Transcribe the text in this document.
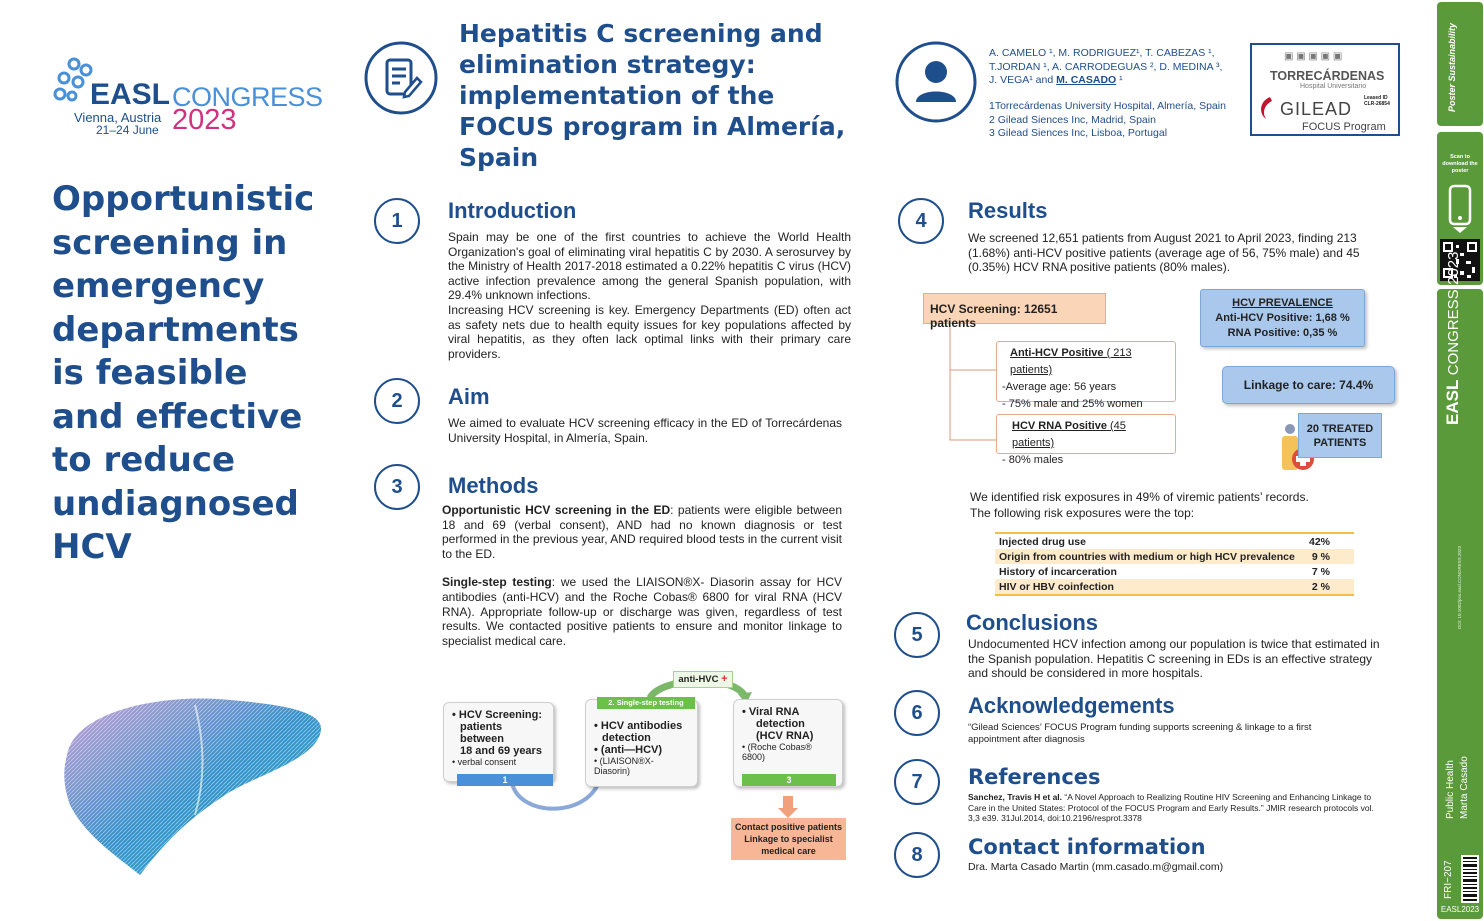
EASL CONGRESS
Vienna, Austria
21–24 June 2023
Opportunistic
screening in
emergency
departments
is feasible
and effective
to reduce
undiagnosed
HCV
Hepatitis C screening and
elimination strategy:
implementation of the
FOCUS program in Almería,
Spain
A. CAMELO ¹, M. RODRIGUEZ¹, T. CABEZAS ¹,
T.JORDAN ¹, A. CARRODEGUAS ², D. MEDINA ³,
J. VEGA¹ and M. CASADO ¹
1Torrecárdenas University Hospital, Almería, Spain
2 Gilead Siences Inc, Madrid, Spain
3 Gilead Siences Inc, Lisboa, Portugal
▣ ▣ ▣ ▣ ▣
TORRECÁRDENAS
Hospital Universitario
GILEAD
Leased ID
CLR-26854
FOCUS Program
1	Introduction
Spain may be one of the first countries to achieve the World Health Organization's goal of eliminating viral hepatitis C by 2030. A serosurvey by the Ministry of Health 2017-2018 estimated a 0.22% hepatitis C virus (HCV) active infection prevalence among the general Spanish population, with 29.4% unknown infections.
Increasing HCV screening is key. Emergency Departments (ED) often act as safety nets due to health equity issues for key populations affected by viral hepatitis, as they often lack optimal links with their primary care providers.
2	Aim
We aimed to evaluate HCV screening efficacy in the ED of Torrecárdenas University Hospital, in Almería, Spain.
3	Methods
Opportunistic HCV screening in the ED: patients were eligible between 18 and 69 (verbal consent), AND had no known diagnosis or test performed in the previous year, AND required blood tests in the current visit to the ED.
Single-step testing: we used the LIAISON®X- Diasorin assay for HCV antibodies (anti-HCV) and the Roche Cobas® 6800 for viral RNA (HCV RNA). Appropriate follow-up or discharge was given, regardless of test results. We contacted positive patients to ensure and monitor linkage to specialist medical care.
anti-HVC +
• HCV Screening:
patients between
18 and 69 years
• verbal consent
1
• HCV antibodies
detection
• (anti—HCV)
• (LIAISON®X- Diasorin)
2. Single-step testing
• Viral RNA
detection
(HCV RNA)
• (Roche Cobas® 6800)
3
Contact positive patients
Linkage to specialist
medical care
4	Results
We screened 12,651 patients from August 2021 to April 2023, finding 213 (1.68%) anti-HCV positive patients (average age of 56, 75% male) and 45 (0.35%) HCV RNA positive patients (80% males).
HCV Screening: 12651 patients
Anti-HCV Positive ( 213 patients)
-Average age: 56 years
- 75% male and 25% women
HCV RNA Positive (45 patients)
- 80% males
HCV PREVALENCE
Anti-HCV Positive: 1,68 %
RNA Positive: 0,35 %
Linkage to care: 74.4%
20 TREATED
PATIENTS
We identified risk exposures in 49% of viremic patients’ records.
The following risk exposures were the top:
Injected drug use	42%
Origin from countries with medium or high HCV prevalence	9 %
History of incarceration	7 %
HIV or HBV coinfection	2 %
5	Conclusions
Undocumented HCV infection among our population is twice that estimated in the Spanish population. Hepatitis C screening in EDs is an effective strategy and should be considered in more hospitals.
6	Acknowledgements
“Gilead Sciences’ FOCUS Program funding supports screening & linkage to a first appointment after diagnosis
7	References
Sanchez, Travis H et al. “A Novel Approach to Realizing Routine HIV Screening and Enhancing Linkage to Care in the United States: Protocol of the FOCUS Program and Early Results.” JMIR research protocols vol. 3,3 e39. 31Jul.2014, doi:10.2196/resprot.3378
8	Contact information
Dra. Marta Casado Martin (mm.casado.m@gmail.com)
Poster Sustainability
Scan to download the poster
EASL CONGRESS 2023
DOI: 10.1002/pos.easl.CONGRESS.2023
Public Health Marta Casado
FRI−207
EASL2023
